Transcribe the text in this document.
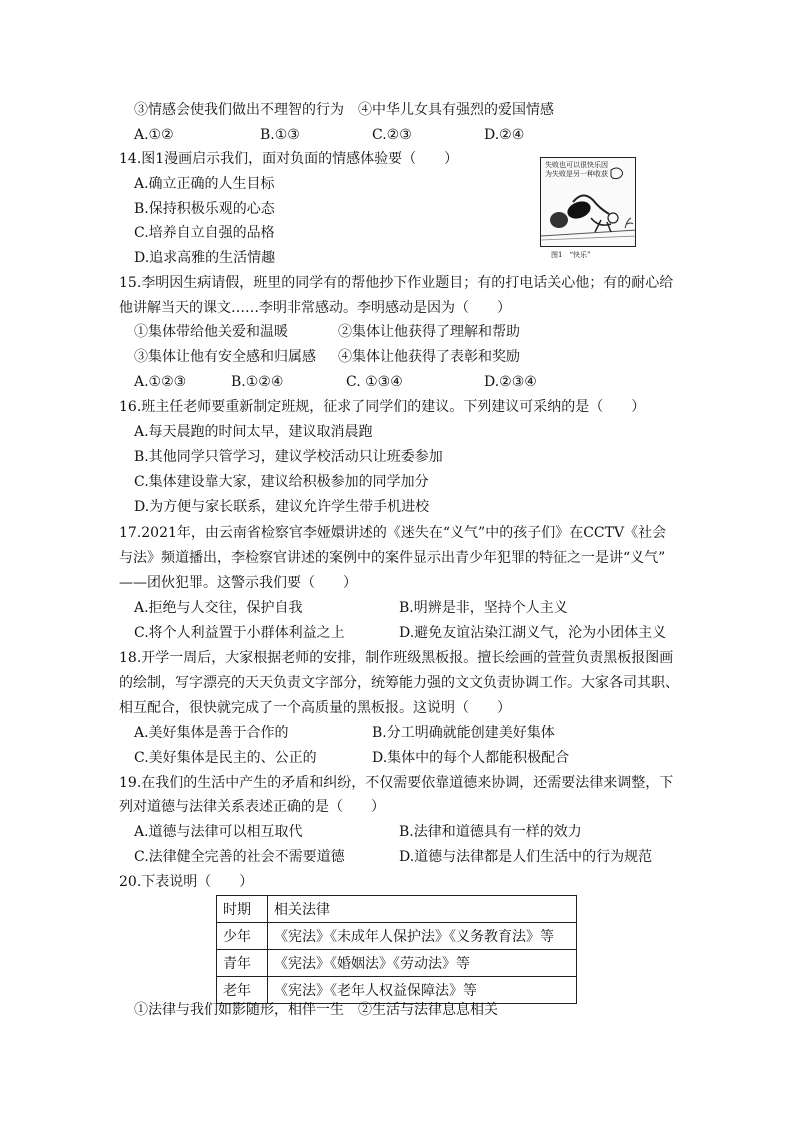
③情感会使我们做出不理智的行为　④中华儿女具有强烈的爱国情感
A.①②	B.①③	C.②③	D.②④
14.图1漫画启示我们，面对负面的情感体验要（　　）
A.确立正确的人生目标
B.保持积极乐观的心态
C.培养自立自强的品格
D.追求高雅的生活情趣
失败也可以很快乐因为失败是另一种收获
图1　“快乐”
15.李明因生病请假，班里的同学有的帮他抄下作业题目；有的打电话关心他；有的耐心给
他讲解当天的课文……李明非常感动。李明感动是因为（　　）
①集体带给他关爱和温暖	②集体让他获得了理解和帮助
③集体让他有安全感和归属感 ④集体让他获得了表彰和奖励
A.①②③	B.①②④	C. ①③④	D.②③④
16.班主任老师要重新制定班规，征求了同学们的建议。下列建议可采纳的是（　　）
A.每天晨跑的时间太早，建议取消晨跑
B.其他同学只管学习，建议学校活动只让班委参加
C.集体建设靠大家，建议给积极参加的同学加分
D.为方便与家长联系，建议允许学生带手机进校
17.2021年，由云南省检察官李娅嬛讲述的《迷失在“义气”中的孩子们》在CCTV《社会
与法》频道播出，李检察官讲述的案例中的案件显示出青少年犯罪的特征之一是讲“义气”
——团伙犯罪。这警示我们要（　　）
A.拒绝与人交往，保护自我	B.明辨是非，坚持个人主义
C.将个人利益置于小群体利益之上	D.避免友谊沾染江湖义气，沦为小团体主义
18.开学一周后，大家根据老师的安排，制作班级黑板报。擅长绘画的萱萱负责黑板报图画
的绘制，写字漂亮的天天负责文字部分，统筹能力强的文文负责协调工作。大家各司其职、
相互配合，很快就完成了一个高质量的黑板报。这说明（　　）
A.美好集体是善于合作的	B.分工明确就能创建美好集体
C.美好集体是民主的、公正的	D.集体中的每个人都能积极配合
19.在我们的生活中产生的矛盾和纠纷，不仅需要依靠道德来协调，还需要法律来调整，下
列对道德与法律关系表述正确的是（　　）
A.道德与法律可以相互取代	B.法律和道德具有一样的效力
C.法律健全完善的社会不需要道德	D.道德与法律都是人们生活中的行为规范
20.下表说明（　　）
时期	相关法律
少年	《宪法》《未成年人保护法》《义务教育法》等
青年	《宪法》《婚姻法》《劳动法》等
老年	《宪法》《老年人权益保障法》等
①法律与我们如影随形，相伴一生　②生活与法律息息相关
